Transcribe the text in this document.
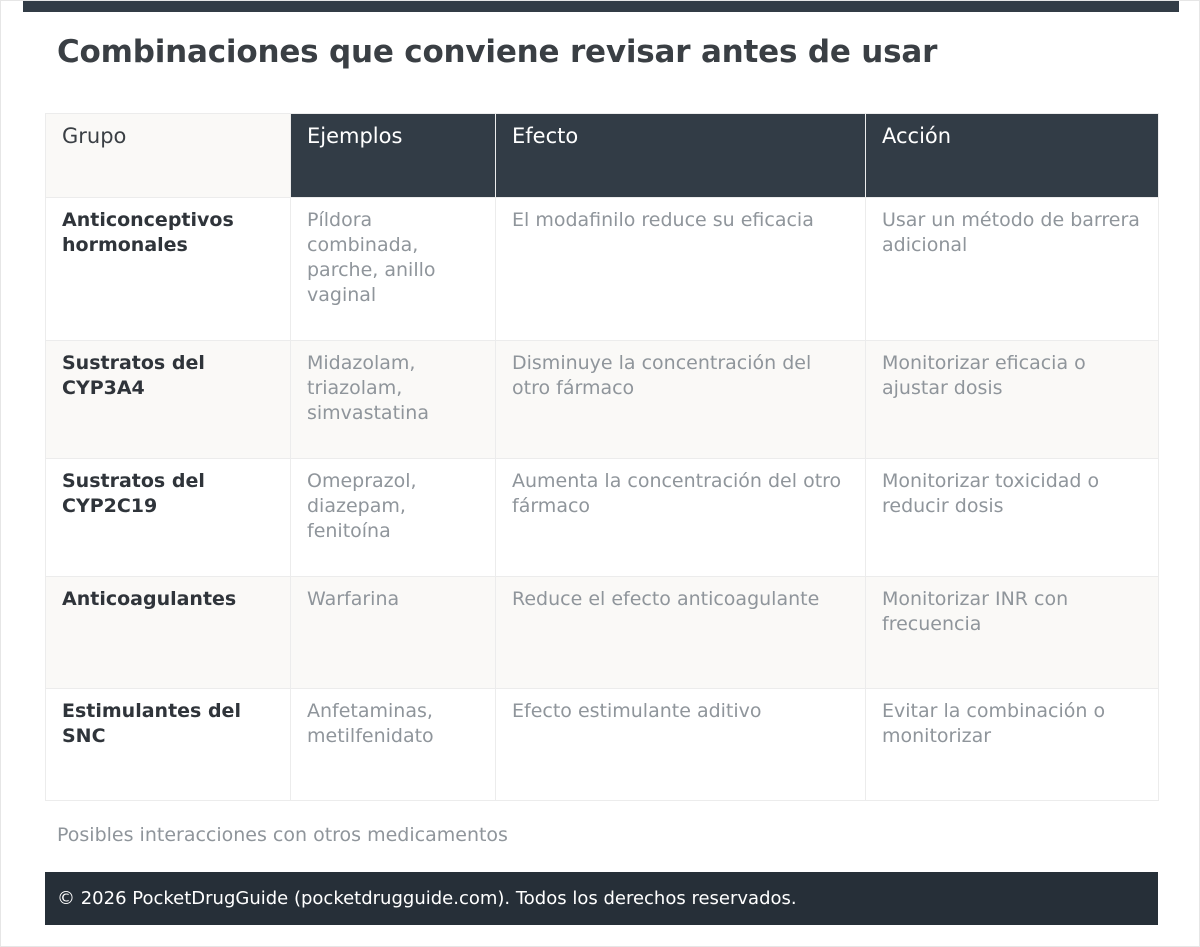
Combinaciones que conviene revisar antes de usar
Grupo	Ejemplos	Efecto	Acción
Anticonceptivos hormonales	Píldora combinada, parche, anillo vaginal	El modafinilo reduce su eficacia	Usar un método de barrera adicional
Sustratos del CYP3A4	Midazolam, triazolam, simvastatina	Disminuye la concentración del otro fármaco	Monitorizar eficacia o ajustar dosis
Sustratos del CYP2C19	Omeprazol, diazepam, fenitoína	Aumenta la concentración del otro fármaco	Monitorizar toxicidad o reducir dosis
Anticoagulantes	Warfarina	Reduce el efecto anticoagulante	Monitorizar INR con frecuencia
Estimulantes del SNC	Anfetaminas, metilfenidato	Efecto estimulante aditivo	Evitar la combinación o monitorizar
Posibles interacciones con otros medicamentos
© 2026 PocketDrugGuide (pocketdrugguide.com). Todos los derechos reservados.
